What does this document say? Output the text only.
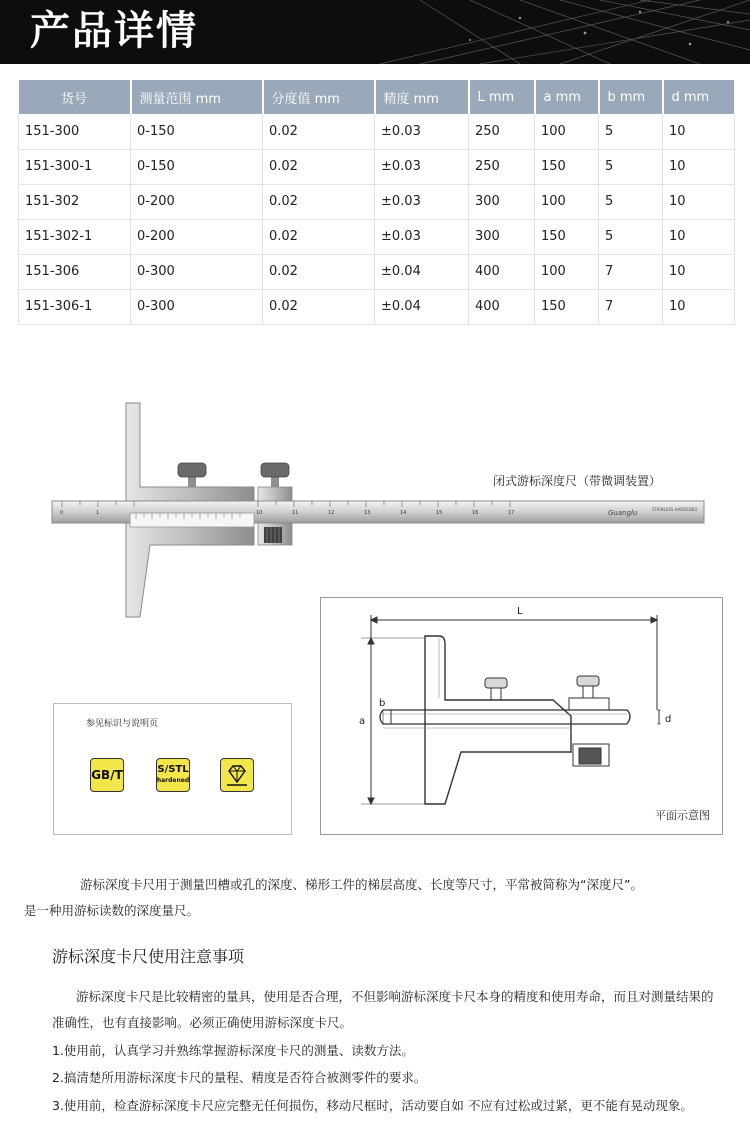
产品详情
货号	测量范围 mm	分度值 mm	精度 mm	L mm	a mm	b mm	d mm
151-300	0-150	0.02	±0.03	250	100	5	10
151-300-1	0-150	0.02	±0.03	250	150	5	10
151-302	0-200	0.02	±0.03	300	100	5	10
151-302-1	0-200	0.02	±0.03	300	150	5	10
151-306	0-300	0.02	±0.04	400	100	7	10
151-306-1	0-300	0.02	±0.04	400	150	7	10
0	1	10	11	12	13	14	15	16	17	Guanglu	STAINLESS HARDENED
闭式游标深度尺（带微调装置）
参见标识与说明页
GB/T	S/STL
hardened
L
a
b
d
平面示意图
游标深度卡尺用于测量凹槽或孔的深度、梯形工件的梯层高度、长度等尺寸，平常被简称为“深度尺”。
是一种用游标读数的深度量尺。
游标深度卡尺使用注意事项
游标深度卡尺是比较精密的量具，使用是否合理，不但影响游标深度卡尺本身的精度和使用寿命，而且对测量结果的准确性，也有直接影响。必须正确使用游标深度卡尺。
1.使用前，认真学习并熟练掌握游标深度卡尺的测量、读数方法。
2.搞清楚所用游标深度卡尺的量程、精度是否符合被测零件的要求。
3.使用前，检查游标深度卡尺应完整无任何损伤，移动尺框时，活动要自如 不应有过松或过紧，更不能有晃动现象。
